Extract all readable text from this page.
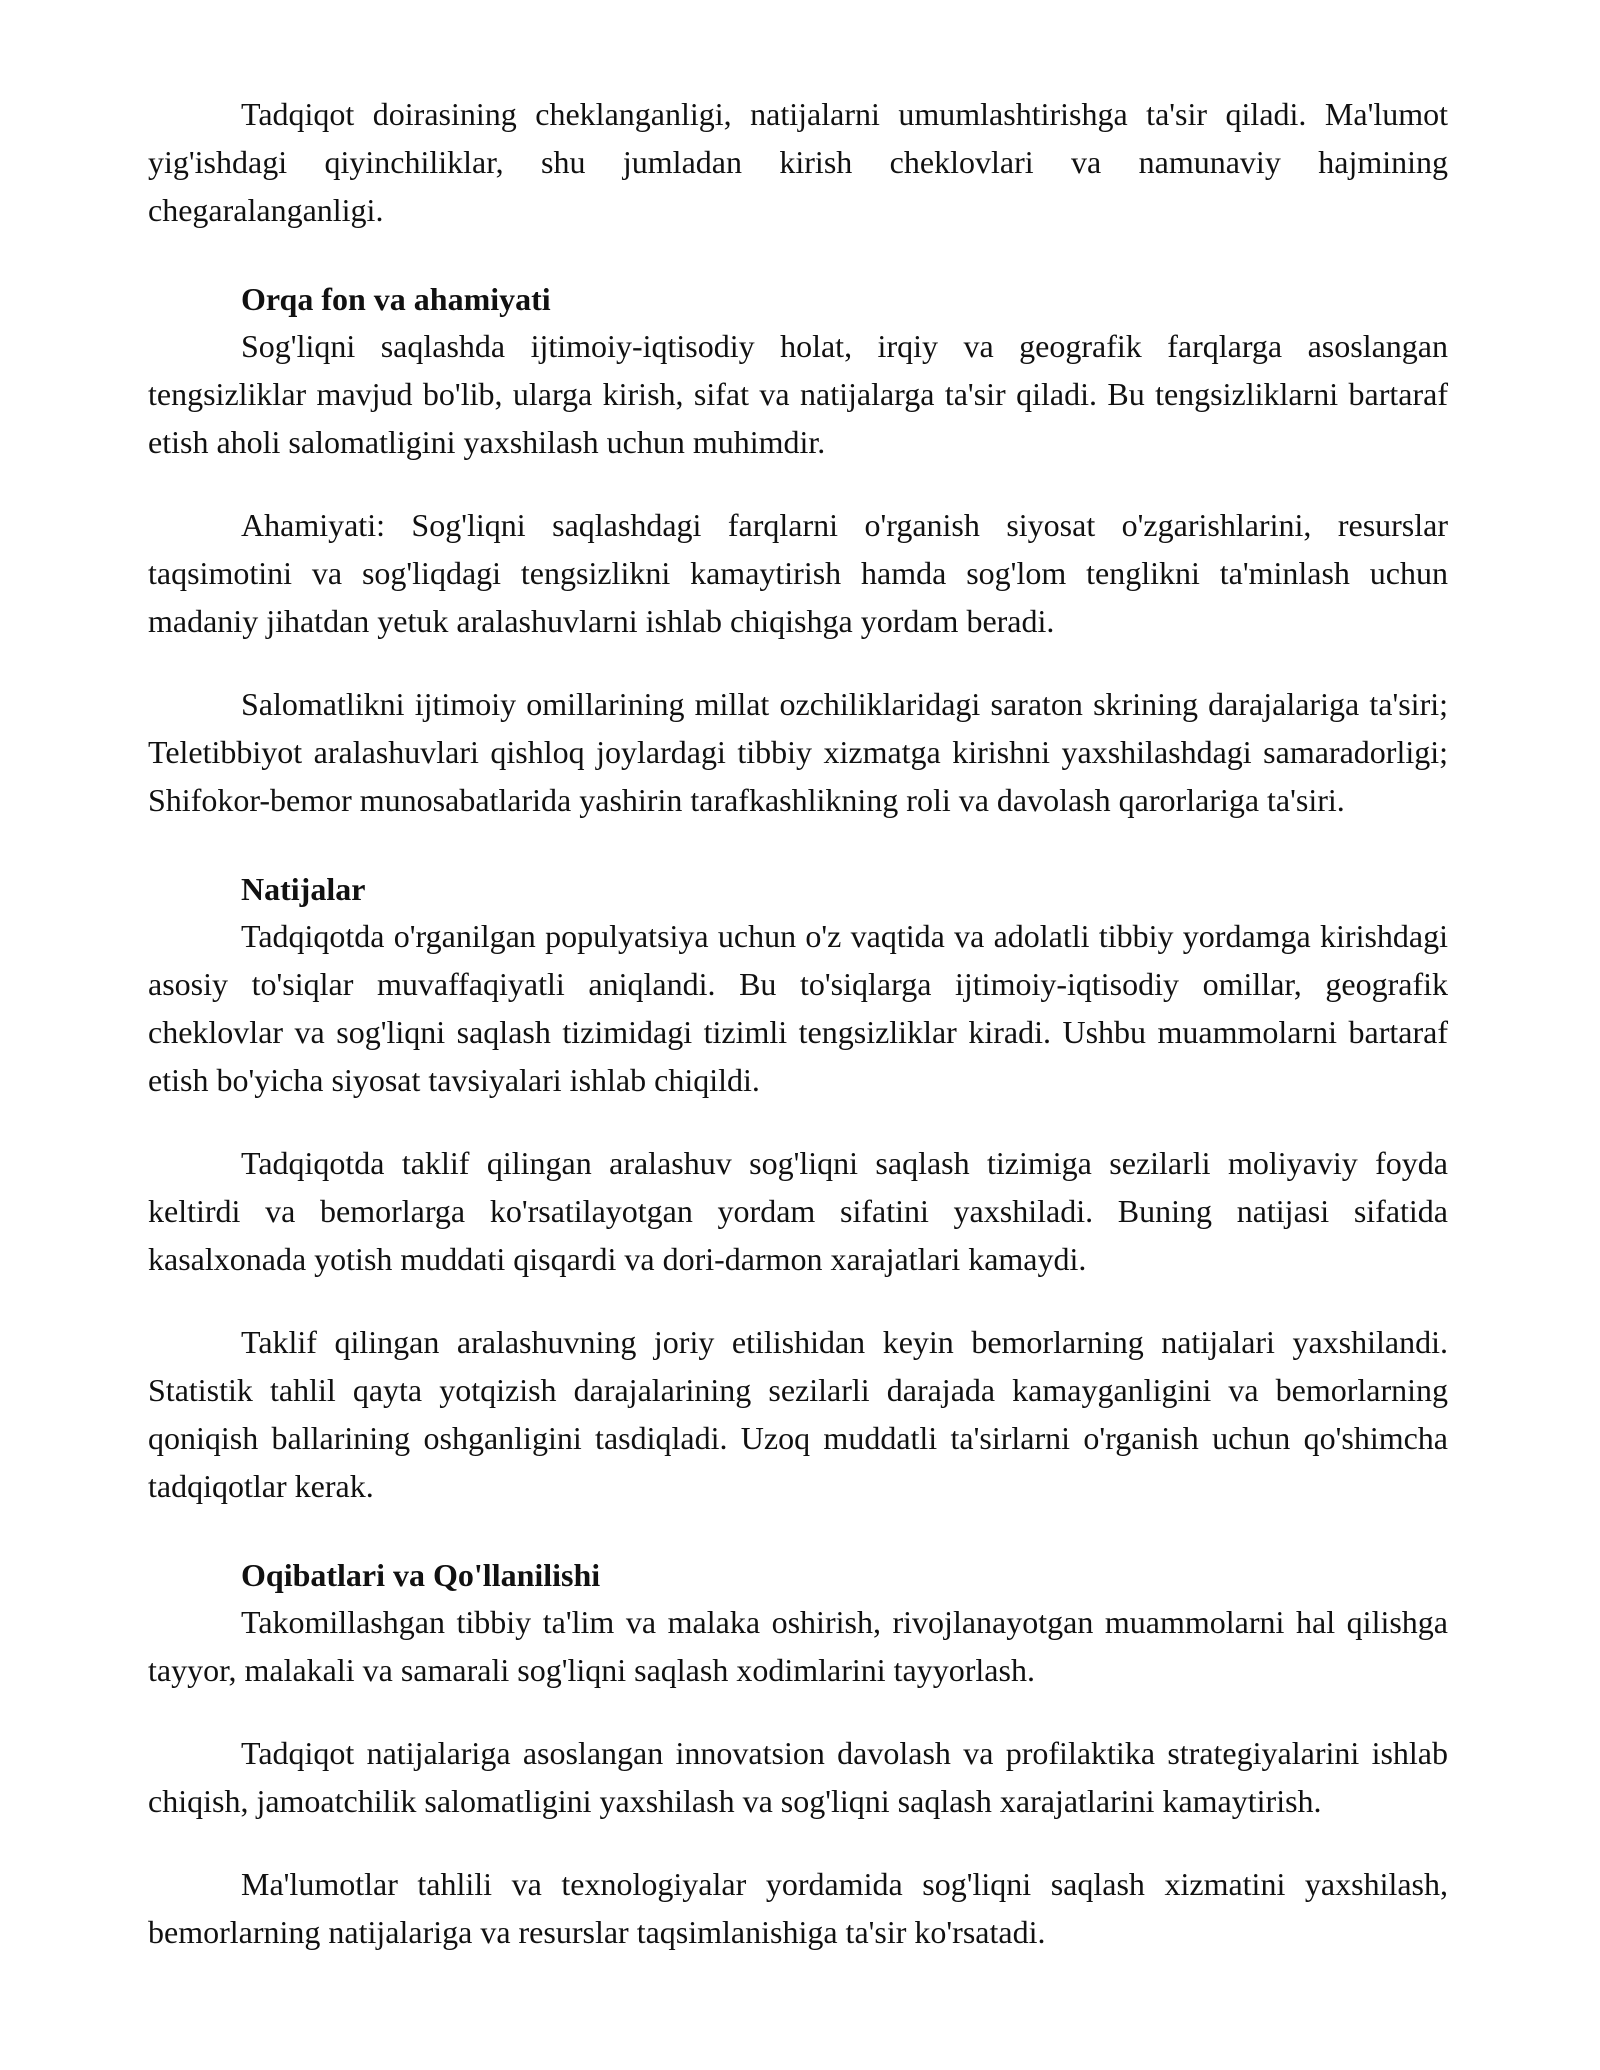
Tadqiqot doirasining cheklanganligi, natijalarni umumlashtirishga ta'sir qiladi. Ma'lumot yig'ishdagi qiyinchiliklar, shu jumladan kirish cheklovlari va namunaviy hajmining chegaralanganligi.

Orqa fon va ahamiyati

Sog'liqni saqlashda ijtimoiy-iqtisodiy holat, irqiy va geografik farqlarga asoslangan tengsizliklar mavjud bo'lib, ularga kirish, sifat va natijalarga ta'sir qiladi. Bu tengsizliklarni bartaraf etish aholi salomatligini yaxshilash uchun muhimdir.

Ahamiyati: Sog'liqni saqlashdagi farqlarni o'rganish siyosat o'zgarishlarini, resurslar taqsimotini va sog'liqdagi tengsizlikni kamaytirish hamda sog'lom tenglikni ta'minlash uchun madaniy jihatdan yetuk aralashuvlarni ishlab chiqishga yordam beradi.

Salomatlikni ijtimoiy omillarining millat ozchiliklaridagi saraton skrining darajalariga ta'siri; Teletibbiyot aralashuvlari qishloq joylardagi tibbiy xizmatga kirishni yaxshilashdagi samaradorligi; Shifokor-bemor munosabatlarida yashirin tarafkashlikning roli va davolash qarorlariga ta'siri.

Natijalar

Tadqiqotda o'rganilgan populyatsiya uchun o'z vaqtida va adolatli tibbiy yordamga kirishdagi asosiy to'siqlar muvaffaqiyatli aniqlandi. Bu to'siqlarga ijtimoiy-iqtisodiy omillar, geografik cheklovlar va sog'liqni saqlash tizimidagi tizimli tengsizliklar kiradi. Ushbu muammolarni bartaraf etish bo'yicha siyosat tavsiyalari ishlab chiqildi.

Tadqiqotda taklif qilingan aralashuv sog'liqni saqlash tizimiga sezilarli moliyaviy foyda keltirdi va bemorlarga ko'rsatilayotgan yordam sifatini yaxshiladi. Buning natijasi sifatida kasalxonada yotish muddati qisqardi va dori-darmon xarajatlari kamaydi.

Taklif qilingan aralashuvning joriy etilishidan keyin bemorlarning natijalari yaxshilandi. Statistik tahlil qayta yotqizish darajalarining sezilarli darajada kamayganligini va bemorlarning qoniqish ballarining oshganligini tasdiqladi. Uzoq muddatli ta'sirlarni o'rganish uchun qo'shimcha tadqiqotlar kerak.

Oqibatlari va Qo'llanilishi

Takomillashgan tibbiy ta'lim va malaka oshirish, rivojlanayotgan muammolarni hal qilishga tayyor, malakali va samarali sog'liqni saqlash xodimlarini tayyorlash.

Tadqiqot natijalariga asoslangan innovatsion davolash va profilaktika strategiyalarini ishlab chiqish, jamoatchilik salomatligini yaxshilash va sog'liqni saqlash xarajatlarini kamaytirish.

Ma'lumotlar tahlili va texnologiyalar yordamida sog'liqni saqlash xizmatini yaxshilash, bemorlarning natijalariga va resurslar taqsimlanishiga ta'sir ko'rsatadi.
